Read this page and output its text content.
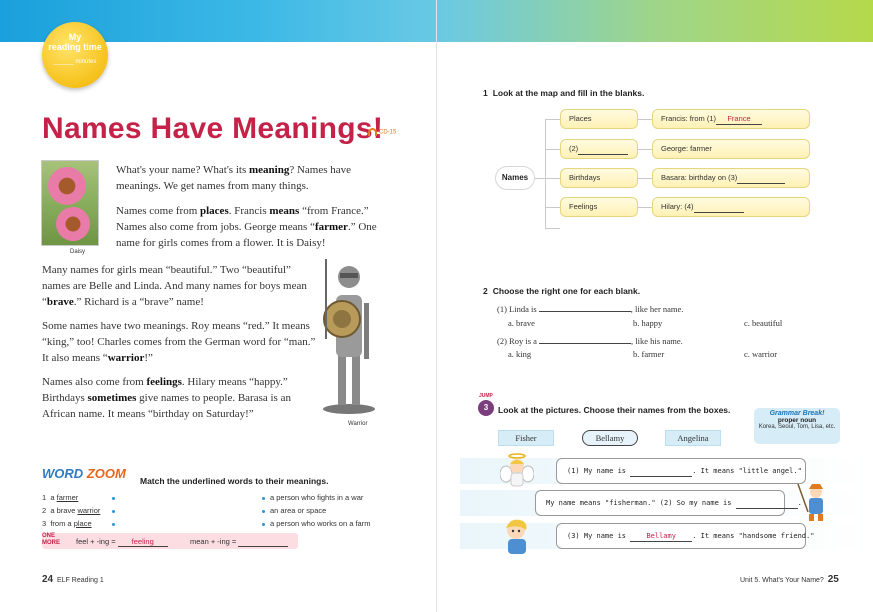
My
reading time
______ minutes
Names Have Meanings!
CD-15
Daisy
What's your name? What's its meaning? Names have meanings. We get names from many things.
Names come from places. Francis means “from France.” Names also come from jobs. George means “farmer.” One name for girls comes from a flower. It is Daisy!
Many names for girls mean “beautiful.” Two “beautiful” names are Belle and Linda. And many names for boys mean “brave.” Richard is a “brave” name!
Some names have two meanings. Roy means “red.” It means “king,” too! Charles comes from the German word for “man.” It also means “warrior!”
Names also come from feelings. Hilary means “happy.” Birthdays sometimes give names to people. Barasa is an African name. It means “birthday on Saturday!”
Warrior
WORD ZOOM Match the underlined words to their meanings.
1 a farmer
2 a brave warrior
3 from a place
a person who fights in a war
an area or space
a person who works on a farm
ONE
MORE feel + -ing = feeling	mean + -ing =
24 ELF Reading 1	Unit 5. What's Your Name? 25
1 Look at the map and fill in the blanks.
Names
Places
(2)
Birthdays
Feelings
Francis: from (1) France
George: farmer
Basara: birthday on (3)
Hilary: (4)
2 Choose the right one for each blank.
(1) Linda is	, like her name.
a. brave	b. happy	c. beautiful
(2) Roy is a	, like his name.
a. king	b. farmer	c. warrior
JUMP
3	Look at the pictures. Choose their names from the boxes.
Fisher	Bellamy	Angelina
Grammar Break!
proper noun
Korea, Seoul, Tom, Lisa, etc.
(1) My name is	. It means "little angel."
My name means "fisherman." (2) So my name is	.
(3) My name is Bellamy . It means "handsome friend."
